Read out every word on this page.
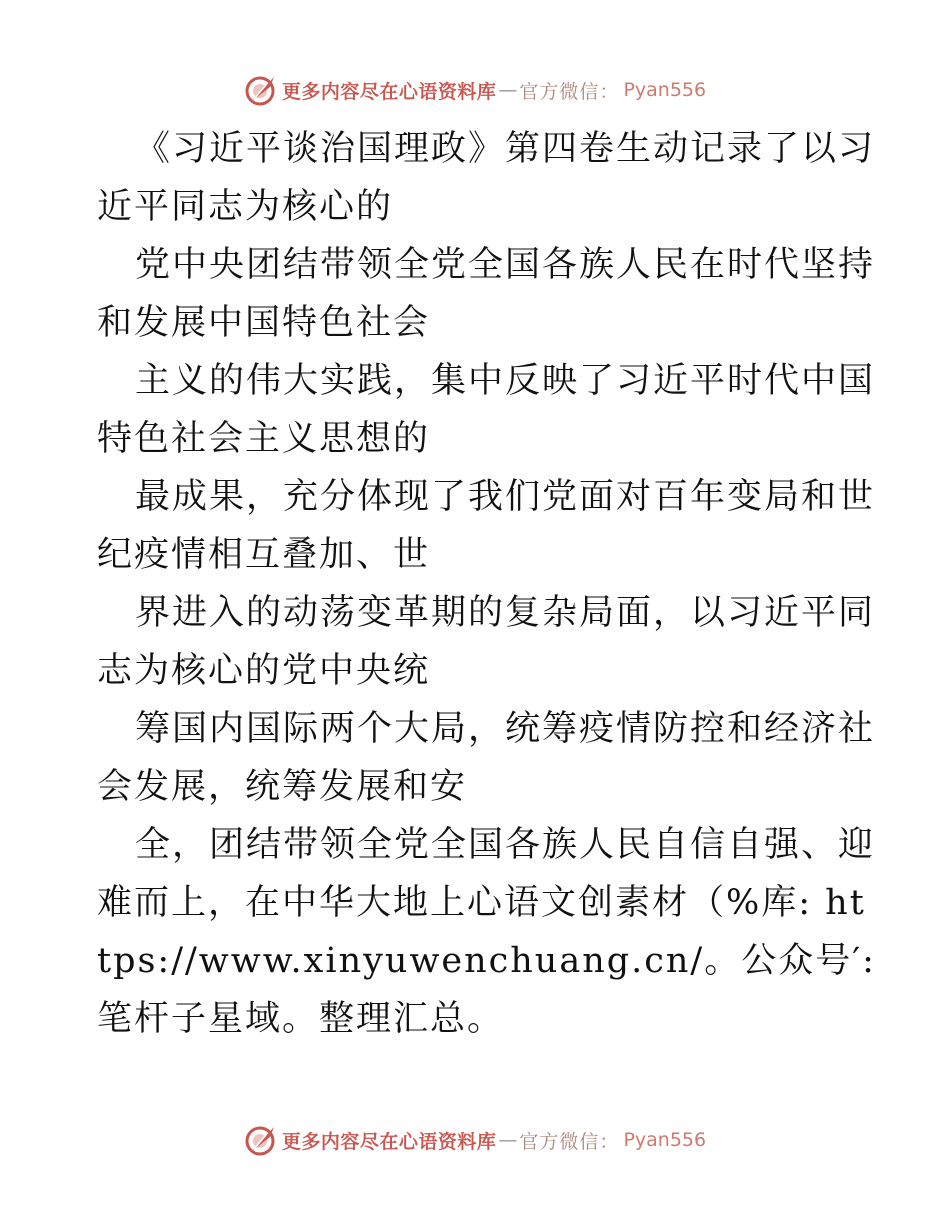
更多内容尽在心语资料库 — 官方微信： Pyan556

《习近平谈治国理政》第四卷生动记录了以习近平同志为核心的

党中央团结带领全党全国各族人民在时代坚持和发展中国特色社会

主义的伟大实践，集中反映了习近平时代中国特色社会主义思想的

最成果，充分体现了我们党面对百年变局和世纪疫情相互叠加、世

界进入的动荡变革期的复杂局面，以习近平同志为核心的党中央统

筹国内国际两个大局，统筹疫情防控和经济社会发展，统筹发展和安

全，团结带领全党全国各族人民自信自强、迎难而上，在中华大地上心语文创素材（%库: https://www.xinyuwenchuang.cn/。公众号′: 笔杆子星域。整理汇总。

更多内容尽在心语资料库 — 官方微信： Pyan556
